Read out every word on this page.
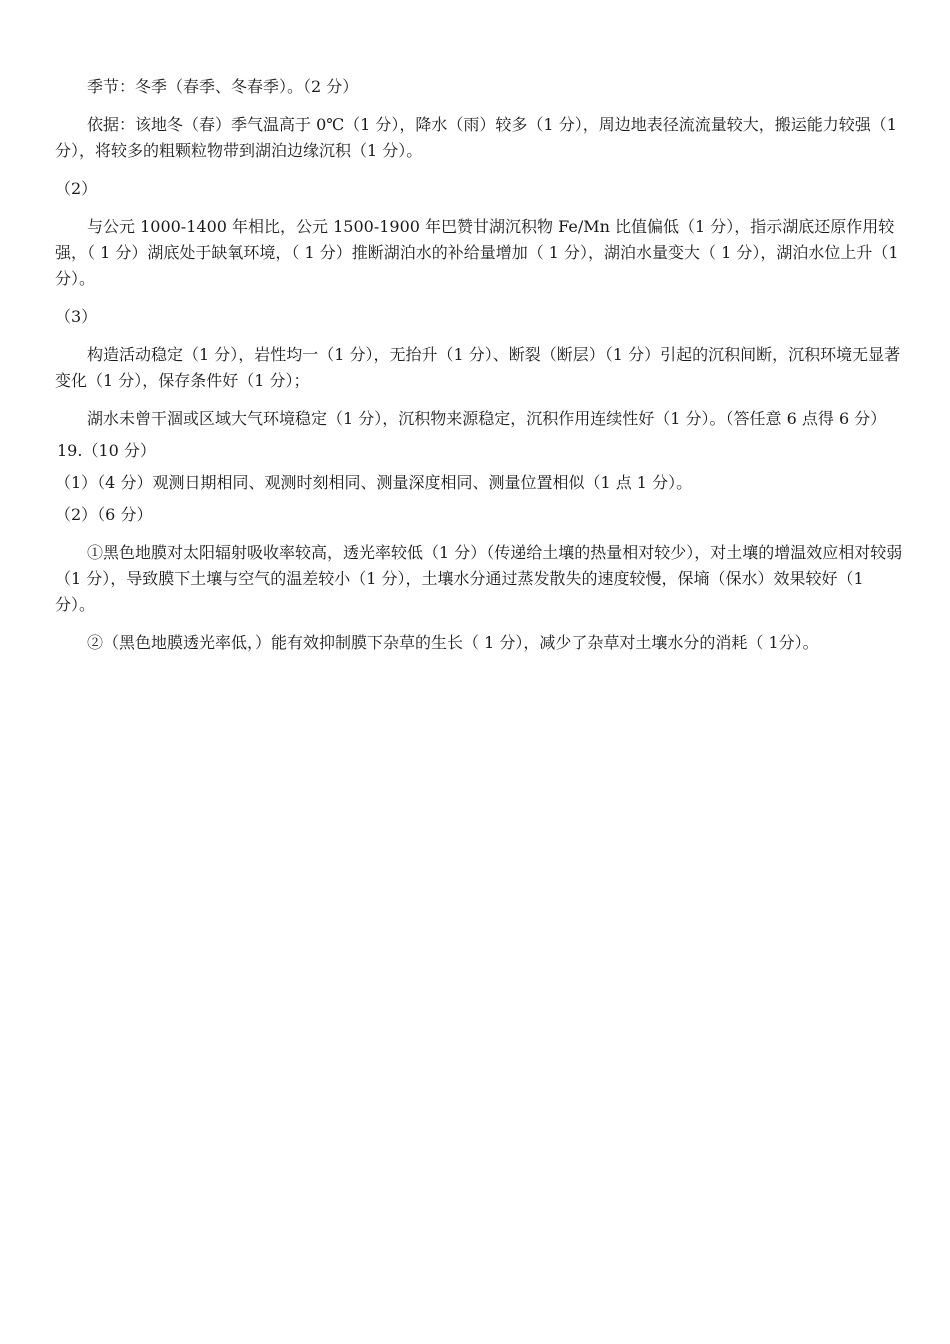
季节：冬季（春季、冬春季）。（2 分）

依据：该地冬（春）季气温高于 0℃（1 分），降水（雨）较多（1 分），周边地表径流流量较大，搬运能力较强（1 分），将较多的粗颗粒物带到湖泊边缘沉积（1 分）。

（2）

与公元 1000-1400 年相比，公元 1500-1900 年巴赞甘湖沉积物 Fe/Mn 比值偏低（1 分），指示湖底还原作用较强，（ 1 分）湖底处于缺氧环境，（ 1 分）推断湖泊水的补给量增加（ 1 分），湖泊水量变大（ 1 分），湖泊水位上升（1 分）。

（3）

构造活动稳定（1 分），岩性均一（1 分），无抬升（1 分）、断裂（断层）（1 分）引起的沉积间断，沉积环境无显著变化（1 分），保存条件好（1 分）；

湖水未曾干涸或区域大气环境稳定（1 分），沉积物来源稳定，沉积作用连续性好（1 分）。（答任意 6 点得 6 分）

19.（10 分）

（1）（4 分）观测日期相同、观测时刻相同、测量深度相同、测量位置相似（1 点 1 分）。

（2）（6 分）

①黑色地膜对太阳辐射吸收率较高，透光率较低（1 分）（传递给土壤的热量相对较少），对土壤的增温效应相对较弱（1 分），导致膜下土壤与空气的温差较小（1 分），土壤水分通过蒸发散失的速度较慢，保墒（保水）效果较好（1 分）。

②（黑色地膜透光率低，）能有效抑制膜下杂草的生长（ 1 分），减少了杂草对土壤水分的消耗（ 1分）。
